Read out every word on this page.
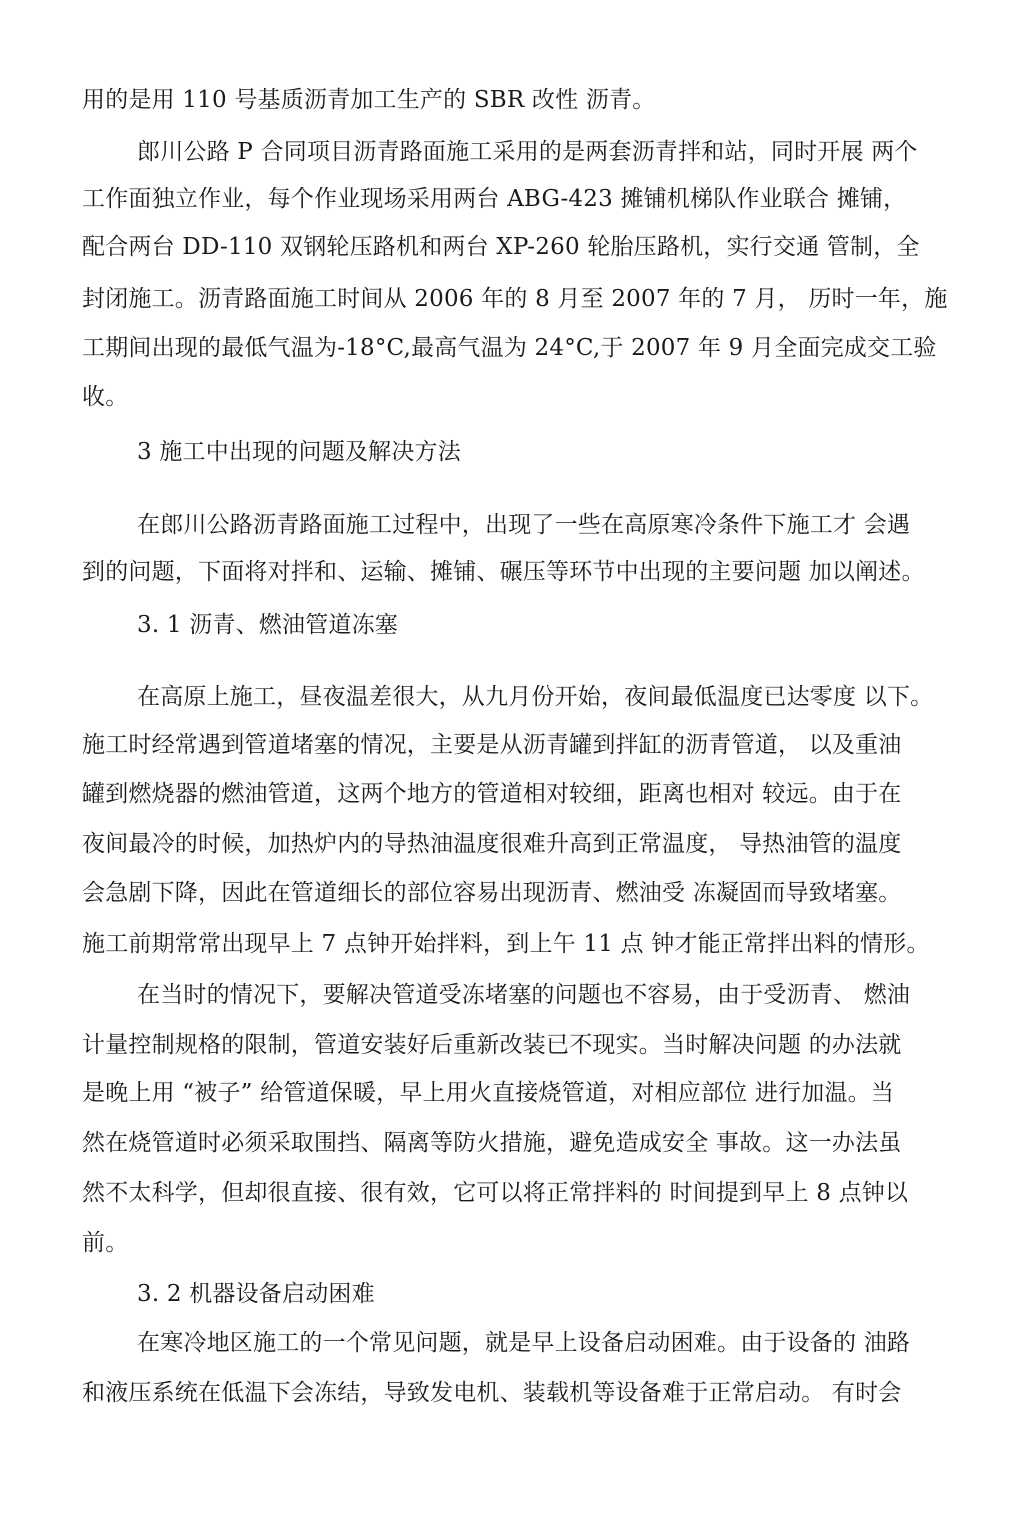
用的是用 110 号基质沥青加工生产的 SBR 改性 沥青。
郎川公路 P 合同项目沥青路面施工采用的是两套沥青拌和站，同时开展 两个
工作面独立作业，每个作业现场采用两台 ABG-423 摊铺机梯队作业联合 摊铺，
配合两台 DD-110 双钢轮压路机和两台 XP-260 轮胎压路机，实行交通 管制，全
封闭施工。沥青路面施工时间从 2006 年的 8 月至 2007 年的 7 月， 历时一年，施
工期间出现的最低气温为-18°C,最高气温为 24°C,于 2007 年 9 月全面完成交工验
收。
3 施工中出现的问题及解决方法
在郎川公路沥青路面施工过程中，出现了一些在高原寒冷条件下施工才 会遇
到的问题，下面将对拌和、运输、摊铺、碾压等环节中出现的主要问题 加以阐述。
3. 1 沥青、燃油管道冻塞
在高原上施工，昼夜温差很大，从九月份开始，夜间最低温度已达零度 以下。
施工时经常遇到管道堵塞的情况，主要是从沥青罐到拌缸的沥青管道， 以及重油
罐到燃烧器的燃油管道，这两个地方的管道相对较细，距离也相对 较远。由于在
夜间最冷的时候，加热炉内的导热油温度很难升高到正常温度， 导热油管的温度
会急剧下降，因此在管道细长的部位容易出现沥青、燃油受 冻凝固而导致堵塞。
施工前期常常出现早上 7 点钟开始拌料，到上午 11 点 钟才能正常拌出料的情形。
在当时的情况下，要解决管道受冻堵塞的问题也不容易，由于受沥青、 燃油
计量控制规格的限制，管道安装好后重新改装已不现实。当时解决问题 的办法就
是晚上用 “被子” 给管道保暖，早上用火直接烧管道，对相应部位 进行加温。当
然在烧管道时必须采取围挡、隔离等防火措施，避免造成安全 事故。这一办法虽
然不太科学，但却很直接、很有效，它可以将正常拌料的 时间提到早上 8 点钟以
前。
3. 2 机器设备启动困难
在寒冷地区施工的一个常见问题，就是早上设备启动困难。由于设备的 油路
和液压系统在低温下会冻结，导致发电机、装载机等设备难于正常启动。 有时会
